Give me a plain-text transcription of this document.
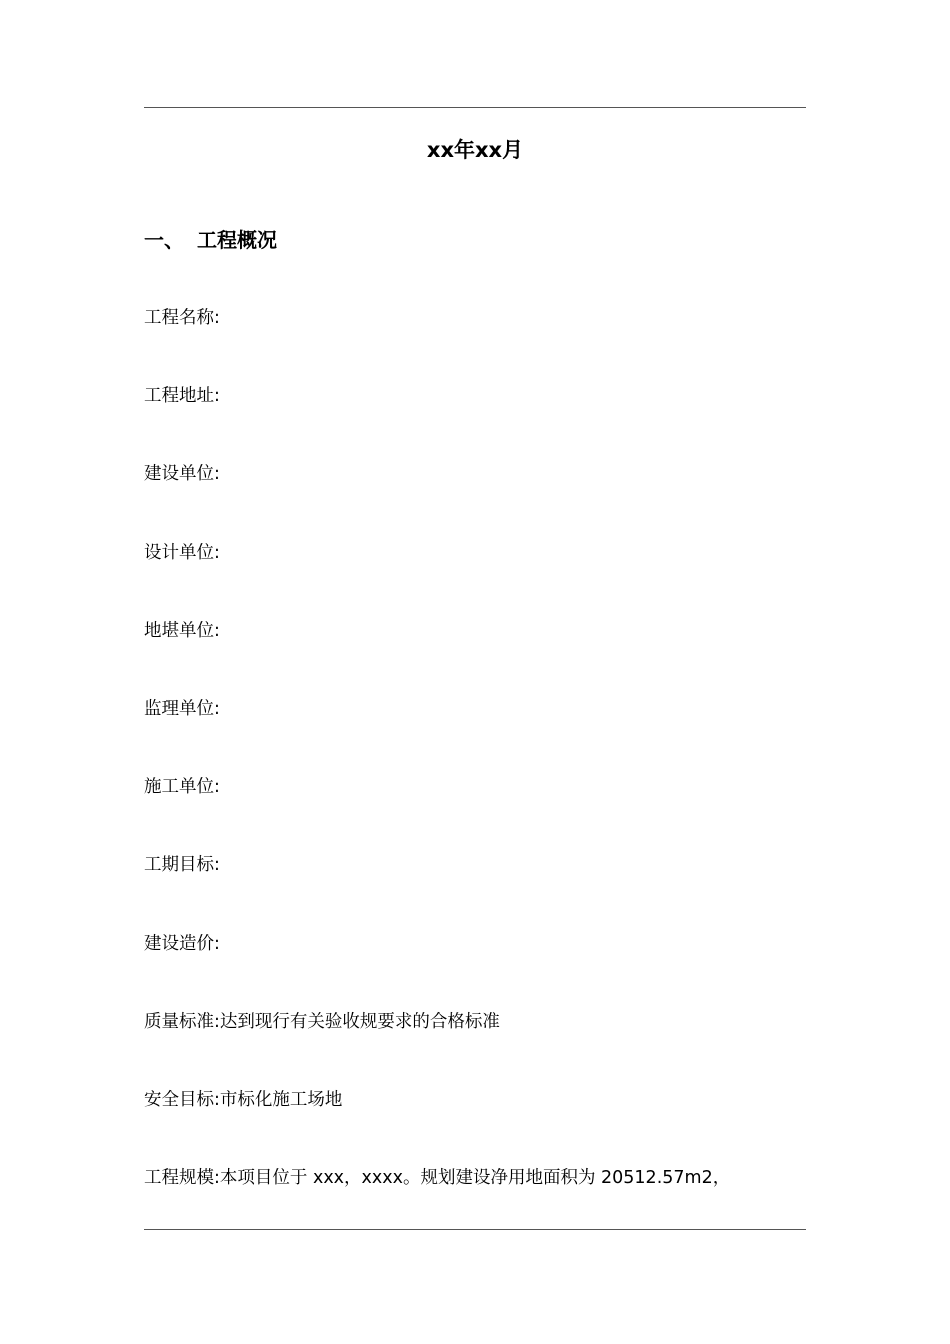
xx年xx月
一、 工程概况
工程名称:
工程地址:
建设单位:
设计单位:
地堪单位:
监理单位:
施工单位:
工期目标:
建设造价:
质量标准:达到现行有关验收规要求的合格标准
安全目标:市标化施工场地
工程规模:本项目位于 xxx，xxxx。规划建设净用地面积为 20512.57m2，
